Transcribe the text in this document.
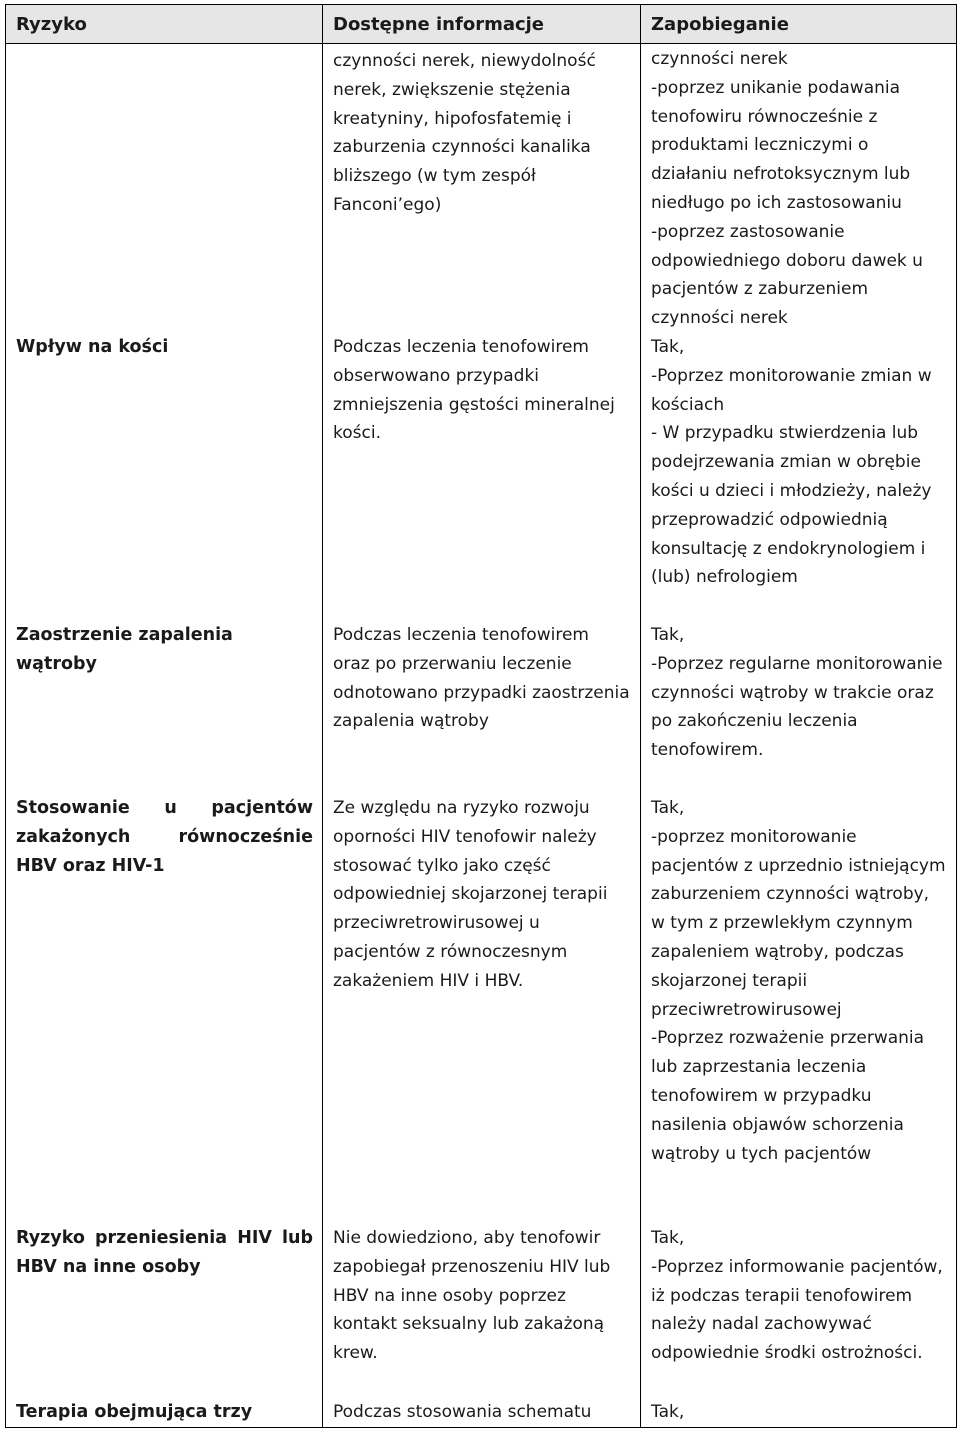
Ryzyko	Dostępne informacje	Zapobieganie
	czynności nerek, niewydolność nerek, zwiększenie stężenia kreatyniny, hipofosfatemię i zaburzenia czynności kanalika bliższego (w tym zespół Fanconi’ego)	czynności nerek
-poprzez unikanie podawania tenofowiru równocześnie z produktami leczniczymi o działaniu nefrotoksycznym lub niedługo po ich zastosowaniu
-poprzez zastosowanie odpowiedniego doboru dawek u pacjentów z zaburzeniem czynności nerek

Wpływ na kości	Podczas leczenia tenofowirem obserwowano przypadki zmniejszenia gęstości mineralnej kości.	Tak,
-Poprzez monitorowanie zmian w kościach
- W przypadku stwierdzenia lub podejrzewania zmian w obrębie kości u dzieci i młodzieży, należy przeprowadzić odpowiednią konsultację z endokrynologiem i (lub) nefrologiem

Zaostrzenie zapalenia wątroby	Podczas leczenia tenofowirem oraz po przerwaniu leczenie odnotowano przypadki zaostrzenia zapalenia wątroby	Tak,
-Poprzez regularne monitorowanie czynności wątroby w trakcie oraz po zakończeniu leczenia tenofowirem.

Stosowanie u pacjentów zakażonych równocześnie HBV oraz HIV-1	Ze względu na ryzyko rozwoju oporności HIV tenofowir należy stosować tylko jako część odpowiedniej skojarzonej terapii przeciwretrowirusowej u pacjentów z równoczesnym zakażeniem HIV i HBV.	Tak,
-poprzez monitorowanie pacjentów z uprzednio istniejącym zaburzeniem czynności wątroby, w tym z przewlekłym czynnym zapaleniem wątroby, podczas skojarzonej terapii przeciwretrowirusowej
-Poprzez rozważenie przerwania lub zaprzestania leczenia tenofowirem w przypadku nasilenia objawów schorzenia wątroby u tych pacjentów

Ryzyko przeniesienia HIV lub HBV na inne osoby	Nie dowiedziono, aby tenofowir zapobiegał przenoszeniu HIV lub HBV na inne osoby poprzez kontakt seksualny lub zakażoną krew.	Tak,
-Poprzez informowanie pacjentów, iż podczas terapii tenofowirem należy nadal zachowywać odpowiednie środki ostrożności.

Terapia obejmująca trzy	Podczas stosowania schematu	Tak,
